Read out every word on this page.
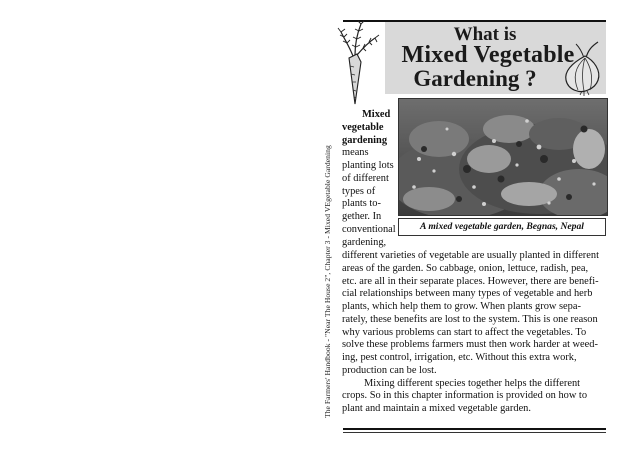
The Farmers' Handbook - "Near The House 2", Chapter 3 - Mixed VEgetable Gardening
What is
Mixed Vegetable
Gardening ?
A mixed vegetable garden, Begnas, Nepal
Mixed
vegetable
gardening
means
planting lots
of different
types of
plants to-
gether. In
conventional
gardening,
different varieties of vegetable are usually planted in different
areas of the garden. So cabbage, onion, lettuce, radish, pea,
etc. are all in their separate places. However, there are benefi-
cial relationships between many types of vegetable and herb
plants, which help them to grow. When plants grow sepa-
rately, these benefits are lost to the system. This is one reason
why various problems can start to affect the vegetables. To
solve these problems farmers must then work harder at weed-
ing, pest control, irrigation, etc. Without this extra work,
production can be lost.
Mixing different species together helps the different
crops. So in this chapter information is provided on how to
plant and maintain a mixed vegetable garden.
